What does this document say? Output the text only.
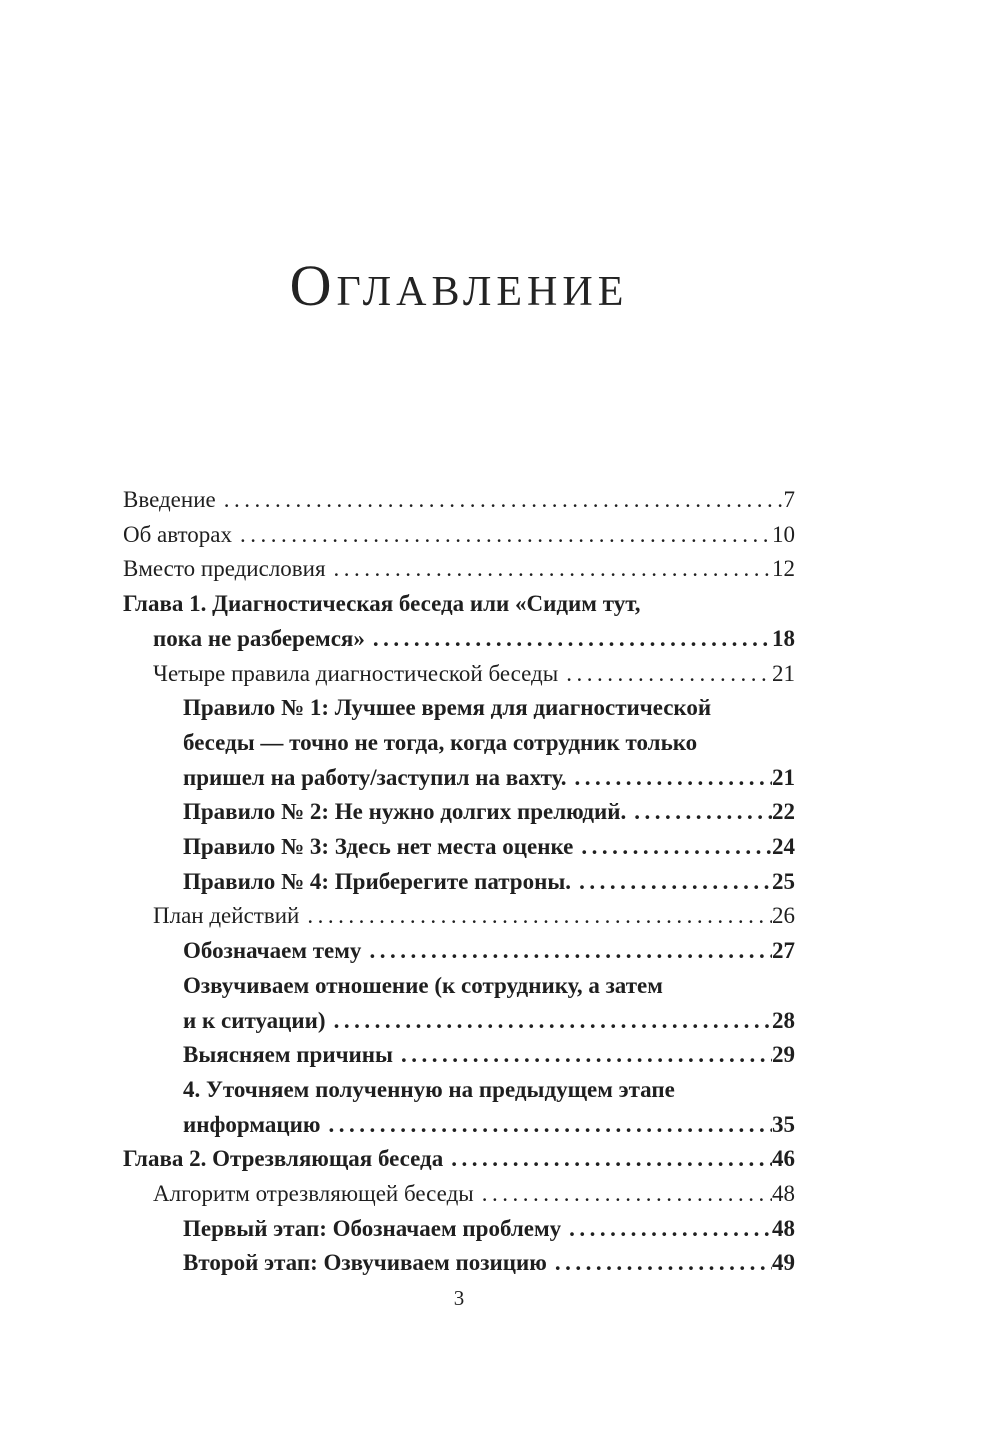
ОГЛАВЛЕНИЕ
Введение .....	7
Об авторах .....	10
Вместо предисловия .....	12
Глава 1. Диагностическая беседа или «Сидим тут,
пока не разберемся» .....	18
Четыре правила диагностической беседы .....	21
Правило № 1: Лучшее время для диагностической
беседы — точно не тогда, когда сотрудник только
пришел на работу/заступил на вахту. .....	21
Правило № 2: Не нужно долгих прелюдий. .....	22
Правило № 3: Здесь нет места оценке .....	24
Правило № 4: Приберегите патроны. .....	25
План действий .....	26
Обозначаем тему .....	27
Озвучиваем отношение (к сотруднику, а затем
и к ситуации) .....	28
Выясняем причины .....	29
4. Уточняем полученную на предыдущем этапе
информацию .....	35
Глава 2. Отрезвляющая беседа .....	46
Алгоритм отрезвляющей беседы .....	48
Первый этап: Обозначаем проблему .....	48
Второй этап: Озвучиваем позицию .....	49
3
